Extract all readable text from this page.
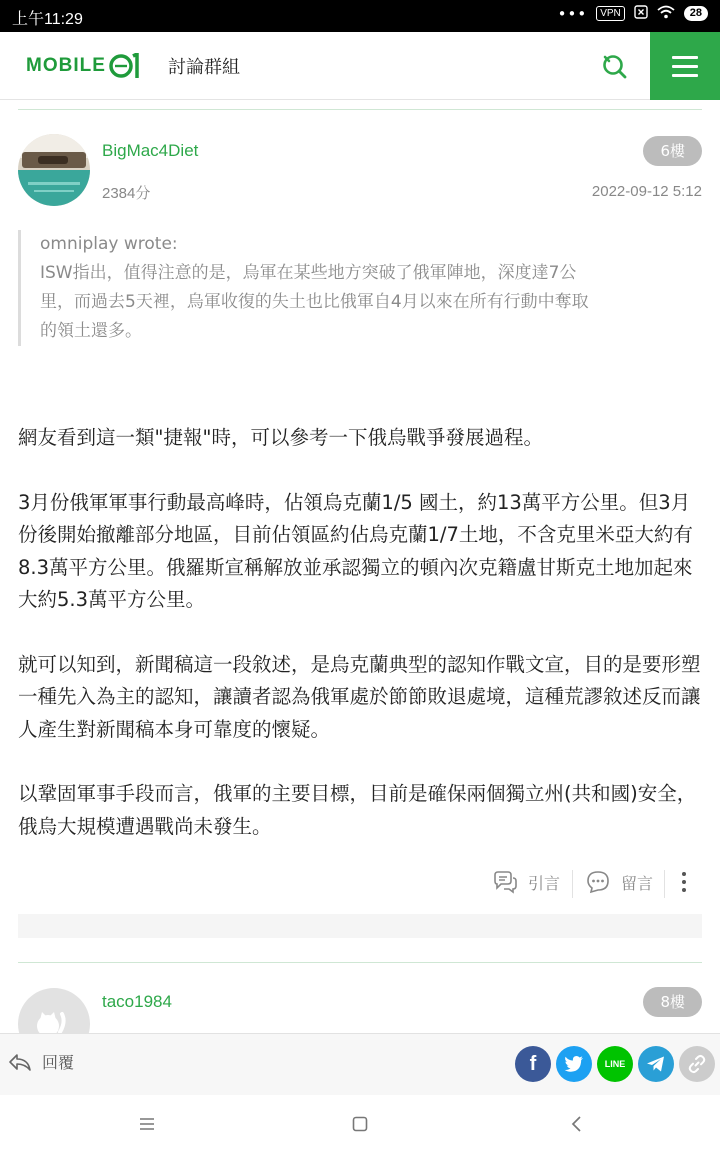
上午11:29	•••	VPN	28
MOBILE	討論群組
BigMac4Diet
2384分
6樓
2022-09-12 5:12

omniplay wrote:

ISW指出，值得注意的是，烏軍在某些地方突破了俄軍陣地，深度達7公

里，而過去5天裡，烏軍收復的失土也比俄軍自4月以來在所有行動中奪取

的領土還多。

網友看到這一類"捷報"時，可以參考一下俄烏戰爭發展過程。

3月份俄軍軍事行動最高峰時，佔領烏克蘭1/5 國土，約13萬平方公里。但3月份後開始撤離部分地區，目前佔領區約佔烏克蘭1/7土地，不含克里米亞大約有8.3萬平方公里。俄羅斯宣稱解放並承認獨立的頓內次克籍盧甘斯克土地加起來大約5.3萬平方公里。

就可以知到，新聞稿這一段敘述，是烏克蘭典型的認知作戰文宣，目的是要形塑一種先入為主的認知，讓讀者認為俄軍處於節節敗退處境，這種荒謬敘述反而讓人產生對新聞稿本身可靠度的懷疑。

以鞏固軍事手段而言，俄軍的主要目標，目前是確保兩個獨立州(共和國)安全，俄烏大規模遭遇戰尚未發生。

引言	留言
taco1984	8樓
回覆	f	LINE
